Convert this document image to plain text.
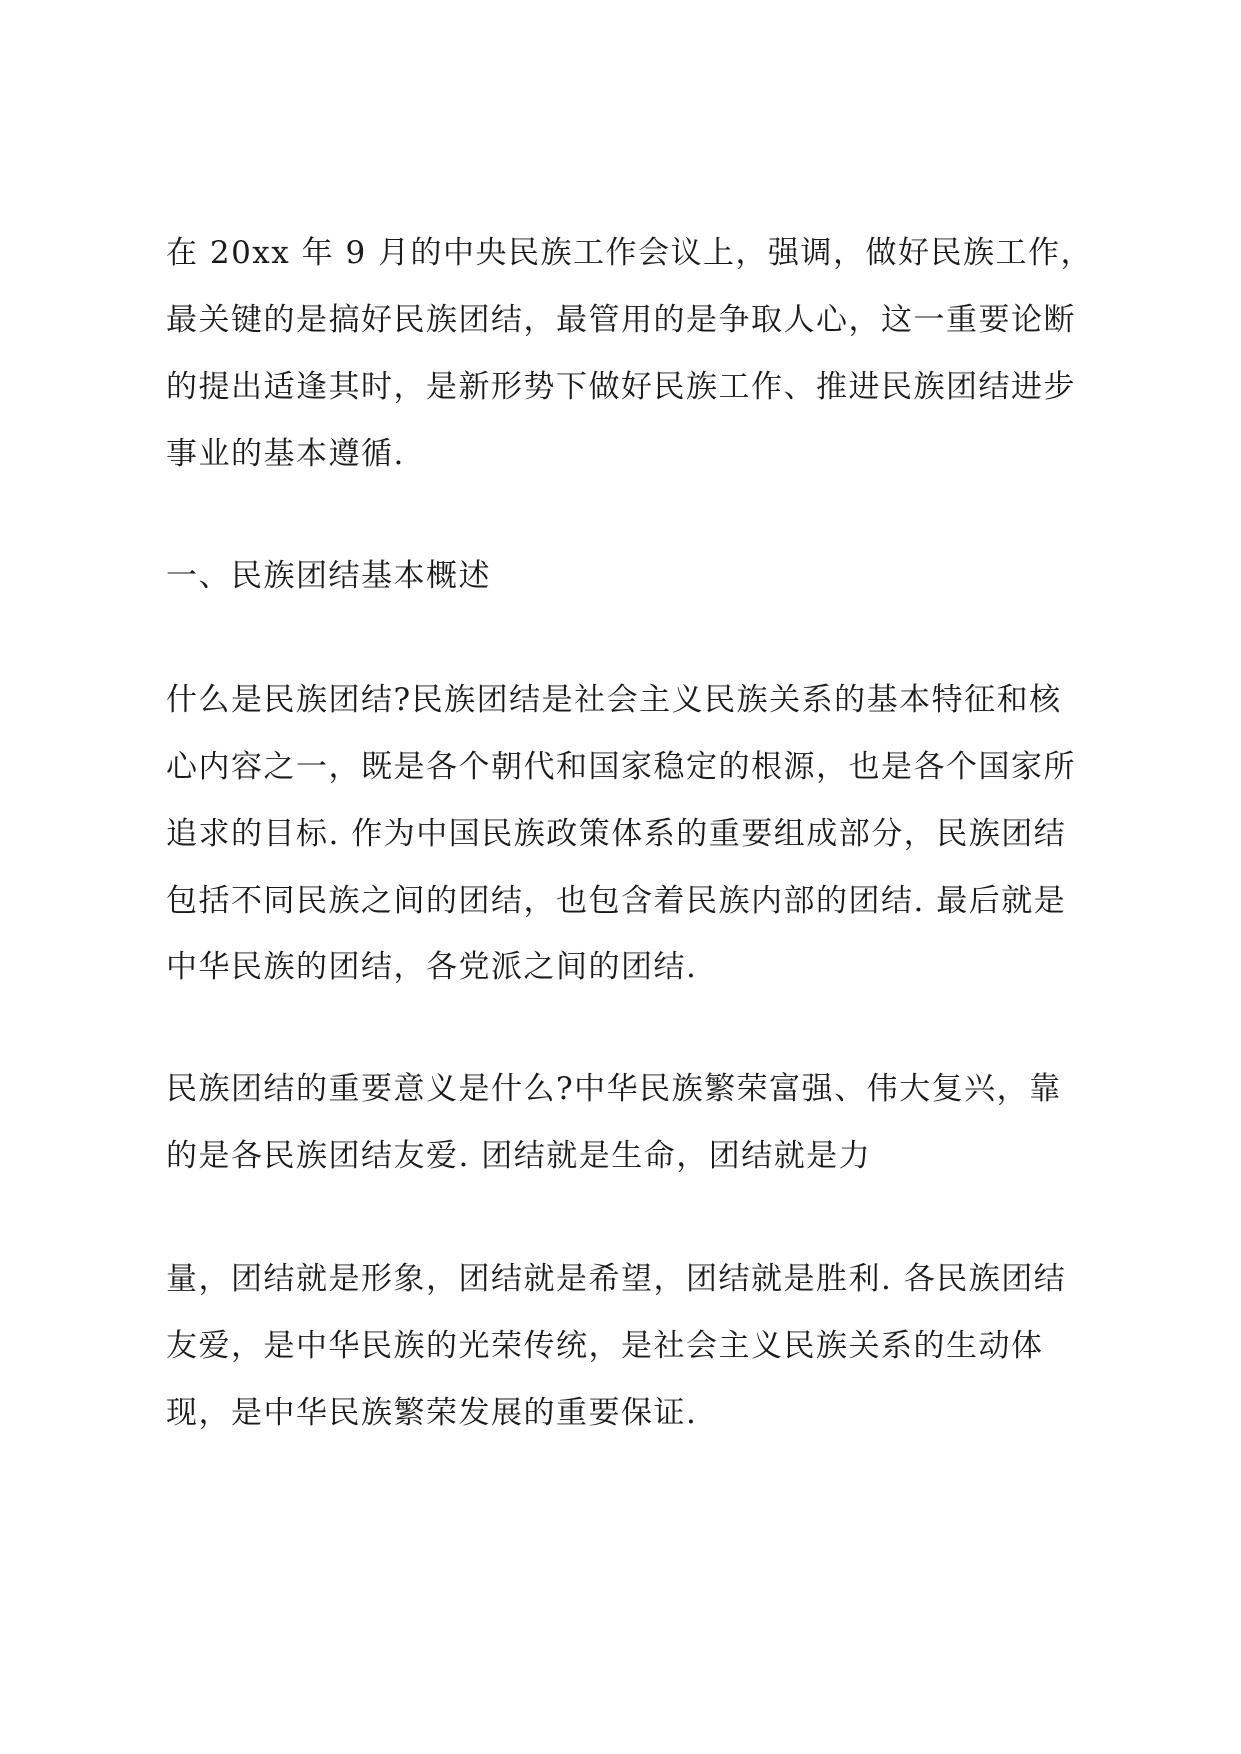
在 20xx 年 9 月的中央民族工作会议上，强调，做好民族工作，
最关键的是搞好民族团结，最管用的是争取人心，这一重要论断
的提出适逢其时，是新形势下做好民族工作、推进民族团结进步
事业的基本遵循.
一、民族团结基本概述
什么是民族团结?民族团结是社会主义民族关系的基本特征和核
心内容之一，既是各个朝代和国家稳定的根源，也是各个国家所
追求的目标. 作为中国民族政策体系的重要组成部分，民族团结
包括不同民族之间的团结，也包含着民族内部的团结. 最后就是
中华民族的团结，各党派之间的团结.
民族团结的重要意义是什么?中华民族繁荣富强、伟大复兴，靠
的是各民族团结友爱. 团结就是生命，团结就是力
量，团结就是形象，团结就是希望，团结就是胜利. 各民族团结
友爱，是中华民族的光荣传统，是社会主义民族关系的生动体
现，是中华民族繁荣发展的重要保证.
